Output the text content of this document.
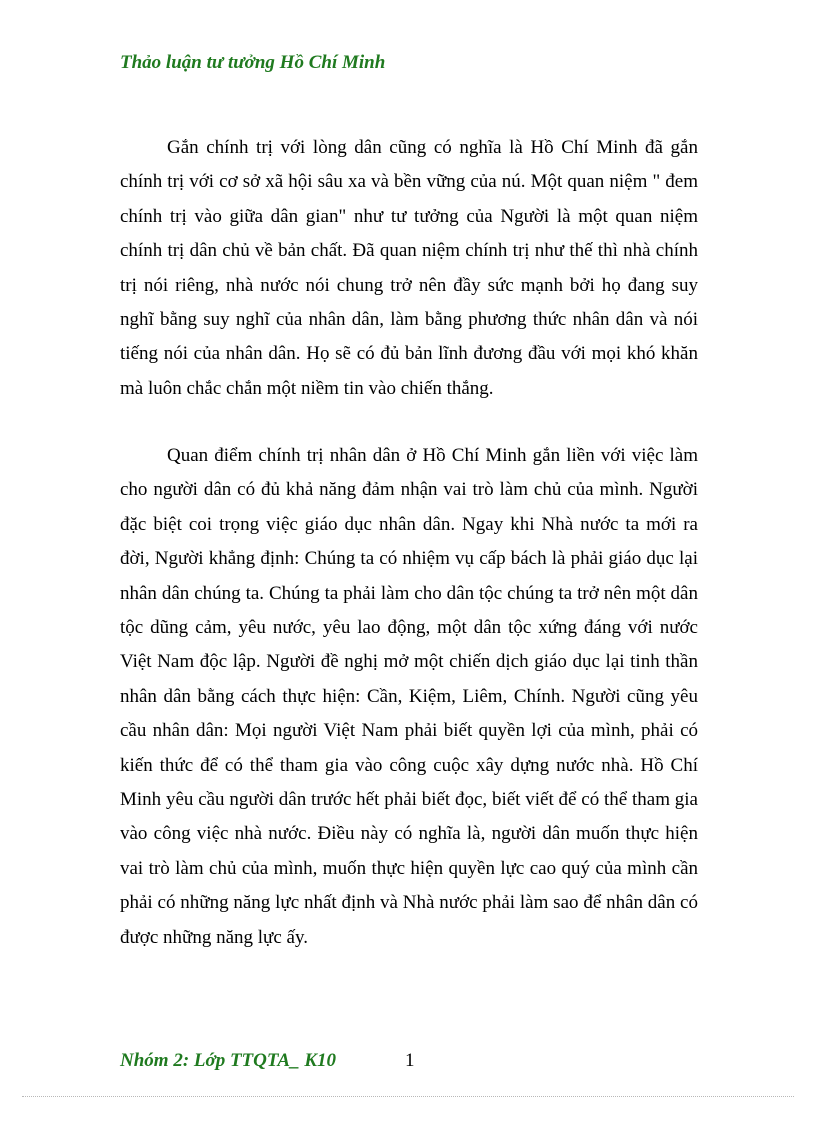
Thảo luận tư tưởng Hồ Chí Minh

Gắn chính trị với lòng dân cũng có nghĩa là Hồ Chí Minh đã gắn chính trị với cơ sở xã hội sâu xa và bền vững của nú. Một quan niệm " đem chính trị vào giữa dân gian" như tư tưởng của Người là một quan niệm chính trị dân chủ về bản chất. Đã quan niệm chính trị như thế thì nhà chính trị nói riêng, nhà nước nói chung trở nên đầy sức mạnh bởi họ đang suy nghĩ bằng suy nghĩ của nhân dân, làm bằng phương thức nhân dân và nói tiếng nói của nhân dân. Họ sẽ có đủ bản lĩnh đương đầu với mọi khó khăn mà luôn chắc chắn một niềm tin vào chiến thắng.

Quan điểm chính trị nhân dân ở Hồ Chí Minh gắn liền với việc làm cho người dân có đủ khả năng đảm nhận vai trò làm chủ của mình. Người đặc biệt coi trọng việc giáo dục nhân dân. Ngay khi Nhà nước ta mới ra đời, Người khẳng định: Chúng ta có nhiệm vụ cấp bách là phải giáo dục lại nhân dân chúng ta. Chúng ta phải làm cho dân tộc chúng ta trở nên một dân tộc dũng cảm, yêu nước, yêu lao động, một dân tộc xứng đáng với nước Việt Nam độc lập. Người đề nghị mở một chiến dịch giáo dục lại tinh thần nhân dân bằng cách thực hiện: Cần, Kiệm, Liêm, Chính. Người cũng yêu cầu nhân dân: Mọi người Việt Nam phải biết quyền lợi của mình, phải có kiến thức để có thể tham gia vào công cuộc xây dựng nước nhà. Hồ Chí Minh yêu cầu người dân trước hết phải biết đọc, biết viết để có thể tham gia vào công việc nhà nước. Điều này có nghĩa là, người dân muốn thực hiện vai trò làm chủ của mình, muốn thực hiện quyền lực cao quý của mình cần phải có những năng lực nhất định và Nhà nước phải làm sao để nhân dân có được những năng lực ấy.

Nhóm 2: Lớp TTQTA_ K10	1
